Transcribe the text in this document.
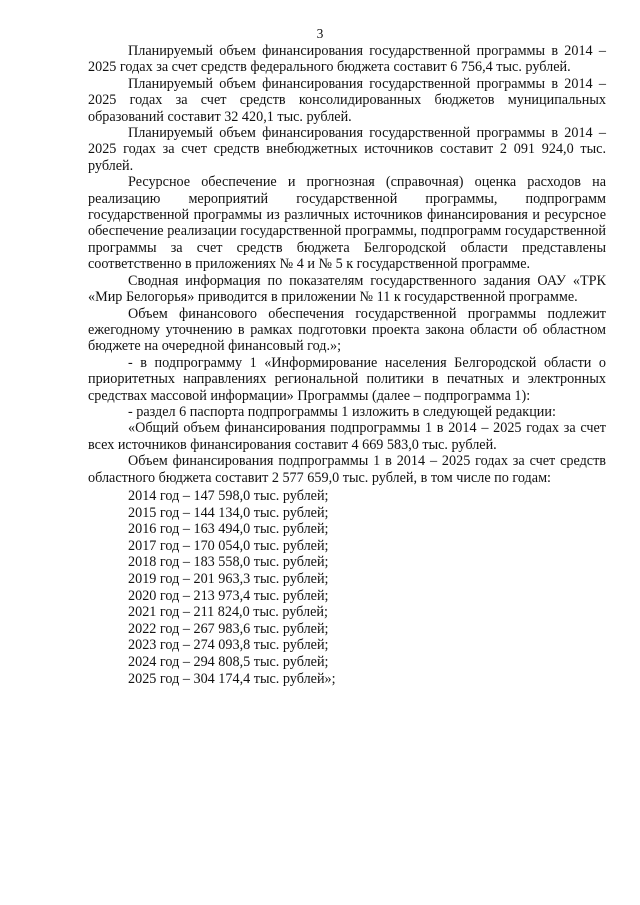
3

Планируемый объем финансирования государственной программы в 2014 – 2025 годах за счет средств федерального бюджета составит 6 756,4 тыс. рублей.

Планируемый объем финансирования государственной программы в 2014 – 2025 годах за счет средств консолидированных бюджетов муниципальных образований составит 32 420,1 тыс. рублей.

Планируемый объем финансирования государственной программы в 2014 – 2025 годах за счет средств внебюджетных источников составит 2 091 924,0 тыс. рублей.

Ресурсное обеспечение и прогнозная (справочная) оценка расходов на реализацию мероприятий государственной программы, подпрограмм государственной программы из различных источников финансирования и ресурсное обеспечение реализации государственной программы, подпрограмм государственной программы за счет средств бюджета Белгородской области представлены соответственно в приложениях № 4 и № 5 к государственной программе.

Сводная информация по показателям государственного задания ОАУ «ТРК «Мир Белогорья» приводится в приложении № 11 к государственной программе.

Объем финансового обеспечения государственной программы подлежит ежегодному уточнению в рамках подготовки проекта закона области об областном бюджете на очередной финансовый год.»;

- в подпрограмму 1 «Информирование населения Белгородской области о приоритетных направлениях региональной политики в печатных и электронных средствах массовой информации» Программы (далее – подпрограмма 1):

- раздел 6 паспорта подпрограммы 1 изложить в следующей редакции:

«Общий объем финансирования подпрограммы 1 в 2014 – 2025 годах за счет всех источников финансирования составит 4 669 583,0 тыс. рублей.

Объем финансирования подпрограммы 1 в 2014 – 2025 годах за счет средств областного бюджета составит 2 577 659,0 тыс. рублей, в том числе по годам:

2014 год – 147 598,0 тыс. рублей;
2015 год – 144 134,0 тыс. рублей;
2016 год – 163 494,0 тыс. рублей;
2017 год – 170 054,0 тыс. рублей;
2018 год – 183 558,0 тыс. рублей;
2019 год – 201 963,3 тыс. рублей;
2020 год – 213 973,4 тыс. рублей;
2021 год – 211 824,0 тыс. рублей;
2022 год – 267 983,6 тыс. рублей;
2023 год – 274 093,8 тыс. рублей;
2024 год – 294 808,5 тыс. рублей;
2025 год – 304 174,4 тыс. рублей»;
